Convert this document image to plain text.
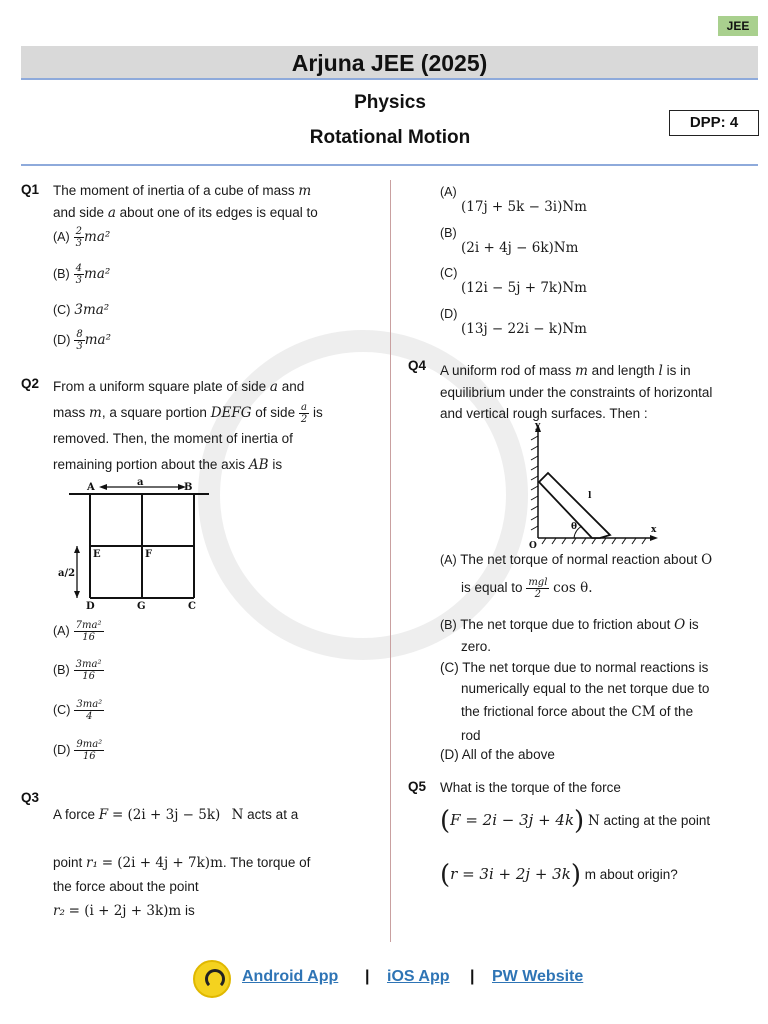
JEE
Arjuna JEE (2025)
Physics
Rotational Motion
DPP: 4
Q1 The moment of inertia of a cube of mass m
and side a about one of its edges is equal to
$(A) \frac{2}{3} ma^2$
$(B) \frac{4}{3} ma^2$
(C) 3ma²
$(D) \frac{8}{3} ma^2$
Q2 From a uniform square plate of side a and
mass m, a square portion DEFG of side $\frac{a}{2}$ is
removed. Then, the moment of inertia of
remaining portion about the axis AB is
A	B
a
E	F
D	G	C
a/2
$(A) \frac{\text{7ma²}}{16}$
$(B) \frac{\text{3ma²}}{16}$
$(C) \frac{\text{3ma²}}{4}$
$(D) \frac{\text{9ma²}}{16}$
Q3
A force F = (2i + 3j − 5k) N acts at a

point r₁ = (2i + 4j + 7k)m. The torque of
the force about the point
r₂ = (i + 2j + 3k)m is
(A)
(17j + 5k − 3i)Nm
(B)
(2i + 4j − 6k)Nm
(C)
(12i − 5j + 7k)Nm
(D)
(13j − 22i − k)Nm
Q4 A uniform rod of mass m and length l is in
equilibrium under the constraints of horizontal
and vertical rough surfaces. Then :
y
x
O
l
θ
(A) The net torque of normal reaction about O
is equal to $\frac{\text{mgl}}{2}$ cos θ.
(B) The net torque due to friction about O is
zero.
(C) The net torque due to normal reactions is
numerically equal to the net torque due to
the frictional force about the CM of the
rod
(D) All of the above
Q5 What is the torque of the force
(F = 2i − 3j + 4k) N acting at the point
(r = 3i + 2j + 3k) m about origin?
Android App | iOS App | PW Website
